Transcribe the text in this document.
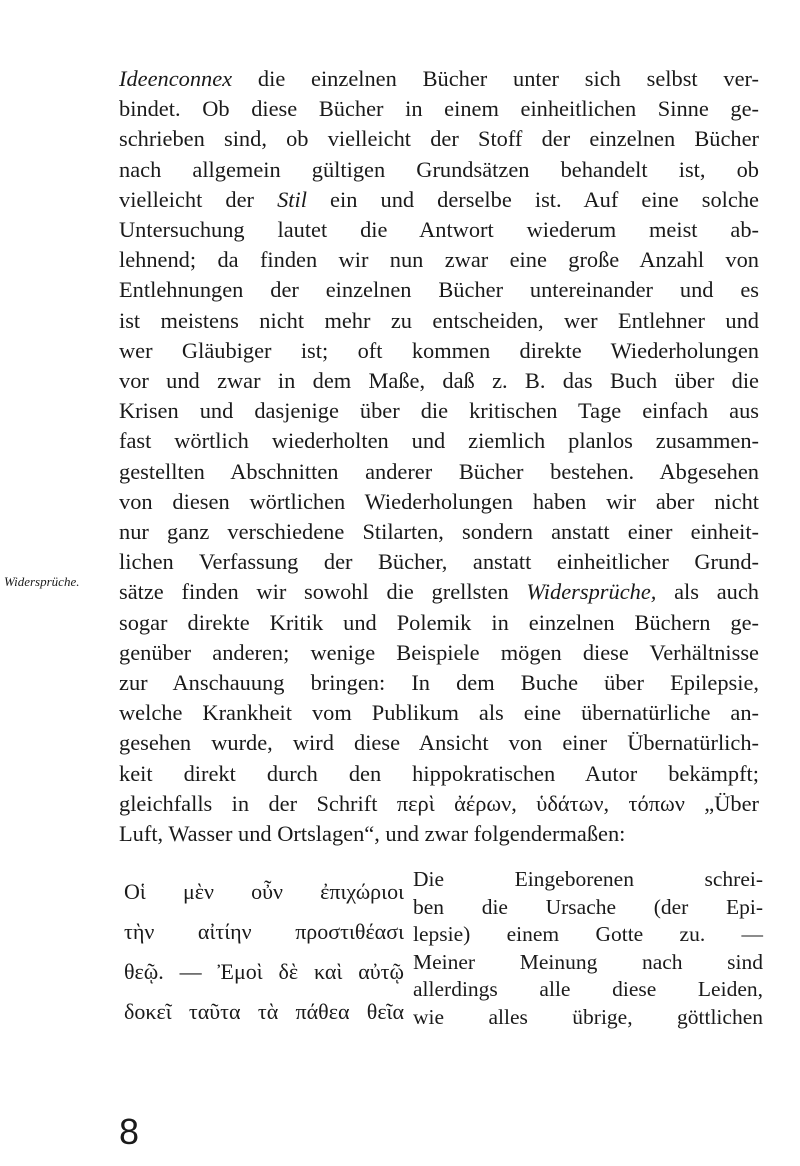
Ideenconnex die einzelnen Bücher unter sich selbst ver-
bindet. Ob diese Bücher in einem einheitlichen Sinne ge-
schrieben sind, ob vielleicht der Stoff der einzelnen Bücher
nach allgemein gültigen Grundsätzen behandelt ist, ob
vielleicht der Stil ein und derselbe ist. Auf eine solche
Untersuchung lautet die Antwort wiederum meist ab-
lehnend; da finden wir nun zwar eine große Anzahl von
Entlehnungen der einzelnen Bücher untereinander und es
ist meistens nicht mehr zu entscheiden, wer Entlehner und
wer Gläubiger ist; oft kommen direkte Wiederholungen
vor und zwar in dem Maße, daß z. B. das Buch über die
Krisen und dasjenige über die kritischen Tage einfach aus
fast wörtlich wiederholten und ziemlich planlos zusammen-
gestellten Abschnitten anderer Bücher bestehen. Abgesehen
von diesen wörtlichen Wiederholungen haben wir aber nicht
nur ganz verschiedene Stilarten, sondern anstatt einer einheit-
lichen Verfassung der Bücher, anstatt einheitlicher Grund-
sätze finden wir sowohl die grellsten Widersprüche, als auch
sogar direkte Kritik und Polemik in einzelnen Büchern ge-
genüber anderen; wenige Beispiele mögen diese Verhältnisse
zur Anschauung bringen: In dem Buche über Epilepsie,
welche Krankheit vom Publikum als eine übernatürliche an-
gesehen wurde, wird diese Ansicht von einer Übernatürlich-
keit direkt durch den hippokratischen Autor bekämpft;
gleichfalls in der Schrift περὶ ἀέρων, ὑδάτων, τόπων „Über
Luft, Wasser und Ortslagen“, und zwar folgendermaßen:
Widersprüche.
Οἱ μὲν οὖν ἐπιχώριοι
τὴν αἰτίην προστιθέασι
θεῷ. — Ἐμοὶ δὲ καὶ αὐτῷ
δοκεῖ ταῦτα τὰ πάθεα θεῖα
Die Eingeborenen schrei-
ben die Ursache (der Epi-
lepsie) einem Gotte zu. —
Meiner Meinung nach sind
allerdings alle diese Leiden,
wie alles übrige, göttlichen
8
